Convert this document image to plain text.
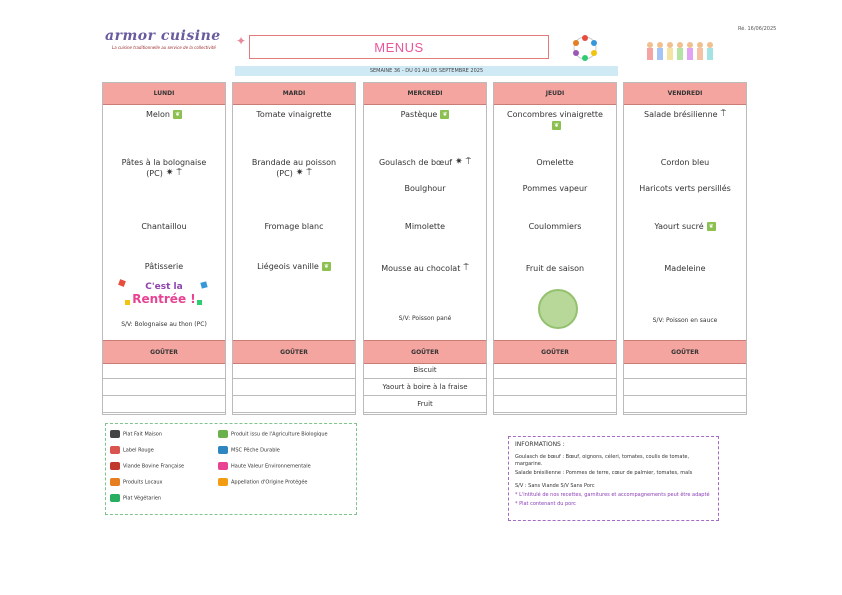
armor cuisine
La cuisine traditionnelle au service de la collectivité ✦	MENUS
Ré. 16/06/2025
SEMAINE 36 - DU 01 AU 05 SEPTEMBRE 2025
LUNDI
Melon ❦
Pâtes à la bolognaise (PC) ✷ ⍑
Chantaillou
Pâtisserie
S/V: Bolognaise au thon (PC)
GOÛTER
C'est la
Rentrée !
MARDI
Tomate vinaigrette
Brandade au poisson (PC) ✷ ⍑
Fromage blanc
Liégeois vanille ❦
GOÛTER
MERCREDI
Pastèque ❦
Goulasch de bœuf ✷ ⍑
Boulghour
Mimolette
Mousse au chocolat ⍑
S/V: Poisson pané
GOÛTER
Biscuit
Yaourt à boire à la fraise
Fruit
JEUDI
Concombres vinaigrette❦
Omelette
Pommes vapeur
Coulommiers
Fruit de saison
GOÛTER
VENDREDI
Salade brésilienne ⍑
Cordon bleu
Haricots verts persillés
Yaourt sucré ❦
Madeleine
S/V: Poisson en sauce
GOÛTER
Plat Fait Maison
Label Rouge
Viande Bovine Française
Produits Locaux
Plat Végétarien
Produit issu de l'Agriculture Biologique
MSC Pêche Durable
Haute Valeur Environnementale
Appellation d'Origine Protégée

INFORMATIONS :

Goulasch de bœuf : Bœuf, oignons, céleri, tomates, coulis de tomate, margarine.

Salade brésilienne : Pommes de terre, cœur de palmier, tomates, maïs

S/V : Sans Viande S/V Sans Porc

* L'intitulé de nos recettes, garnitures et accompagnements peut être adapté

* Plat contenant du porc
